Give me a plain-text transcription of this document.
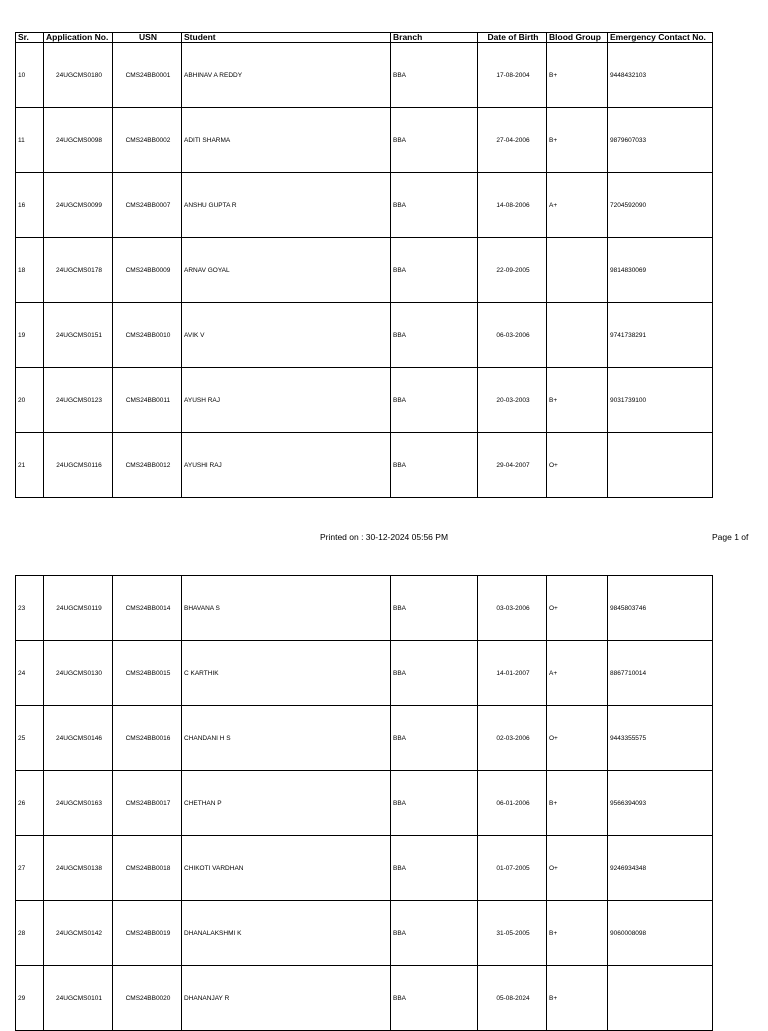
Sr.	Application No.	USN	Student	Branch	Date of Birth	Blood Group	Emergency Contact No.
10	24UGCMS0180	CMS24BB0001	ABHINAV A REDDY	BBA	17-08-2004	B+	9448432103
11	24UGCMS0098	CMS24BB0002	ADITI SHARMA	BBA	27-04-2006	B+	9879607033
16	24UGCMS0099	CMS24BB0007	ANSHU GUPTA R	BBA	14-08-2006	A+	7204592090
18	24UGCMS0178	CMS24BB0009	ARNAV GOYAL	BBA	22-09-2005		9814830069
19	24UGCMS0151	CMS24BB0010	AVIK V	BBA	06-03-2006		9741738291
20	24UGCMS0123	CMS24BB0011	AYUSH RAJ	BBA	20-03-2003	B+	9031739100
21	24UGCMS0116	CMS24BB0012	AYUSHI RAJ	BBA	29-04-2007	O+	
Printed on : 30-12-2024 05:56 PM	Page 1 of
23	24UGCMS0119	CMS24BB0014	BHAVANA S	BBA	03-03-2006	O+	9845803746
24	24UGCMS0130	CMS24BB0015	C KARTHIK	BBA	14-01-2007	A+	8867710014
25	24UGCMS0146	CMS24BB0016	CHANDANI H S	BBA	02-03-2006	O+	9443355575
26	24UGCMS0163	CMS24BB0017	CHETHAN P	BBA	06-01-2006	B+	9566394093
27	24UGCMS0138	CMS24BB0018	CHIKOTI VARDHAN	BBA	01-07-2005	O+	9246934348
28	24UGCMS0142	CMS24BB0019	DHANALAKSHMI K	BBA	31-05-2005	B+	9060008098
29	24UGCMS0101	CMS24BB0020	DHANANJAY R	BBA	05-08-2024	B+	
